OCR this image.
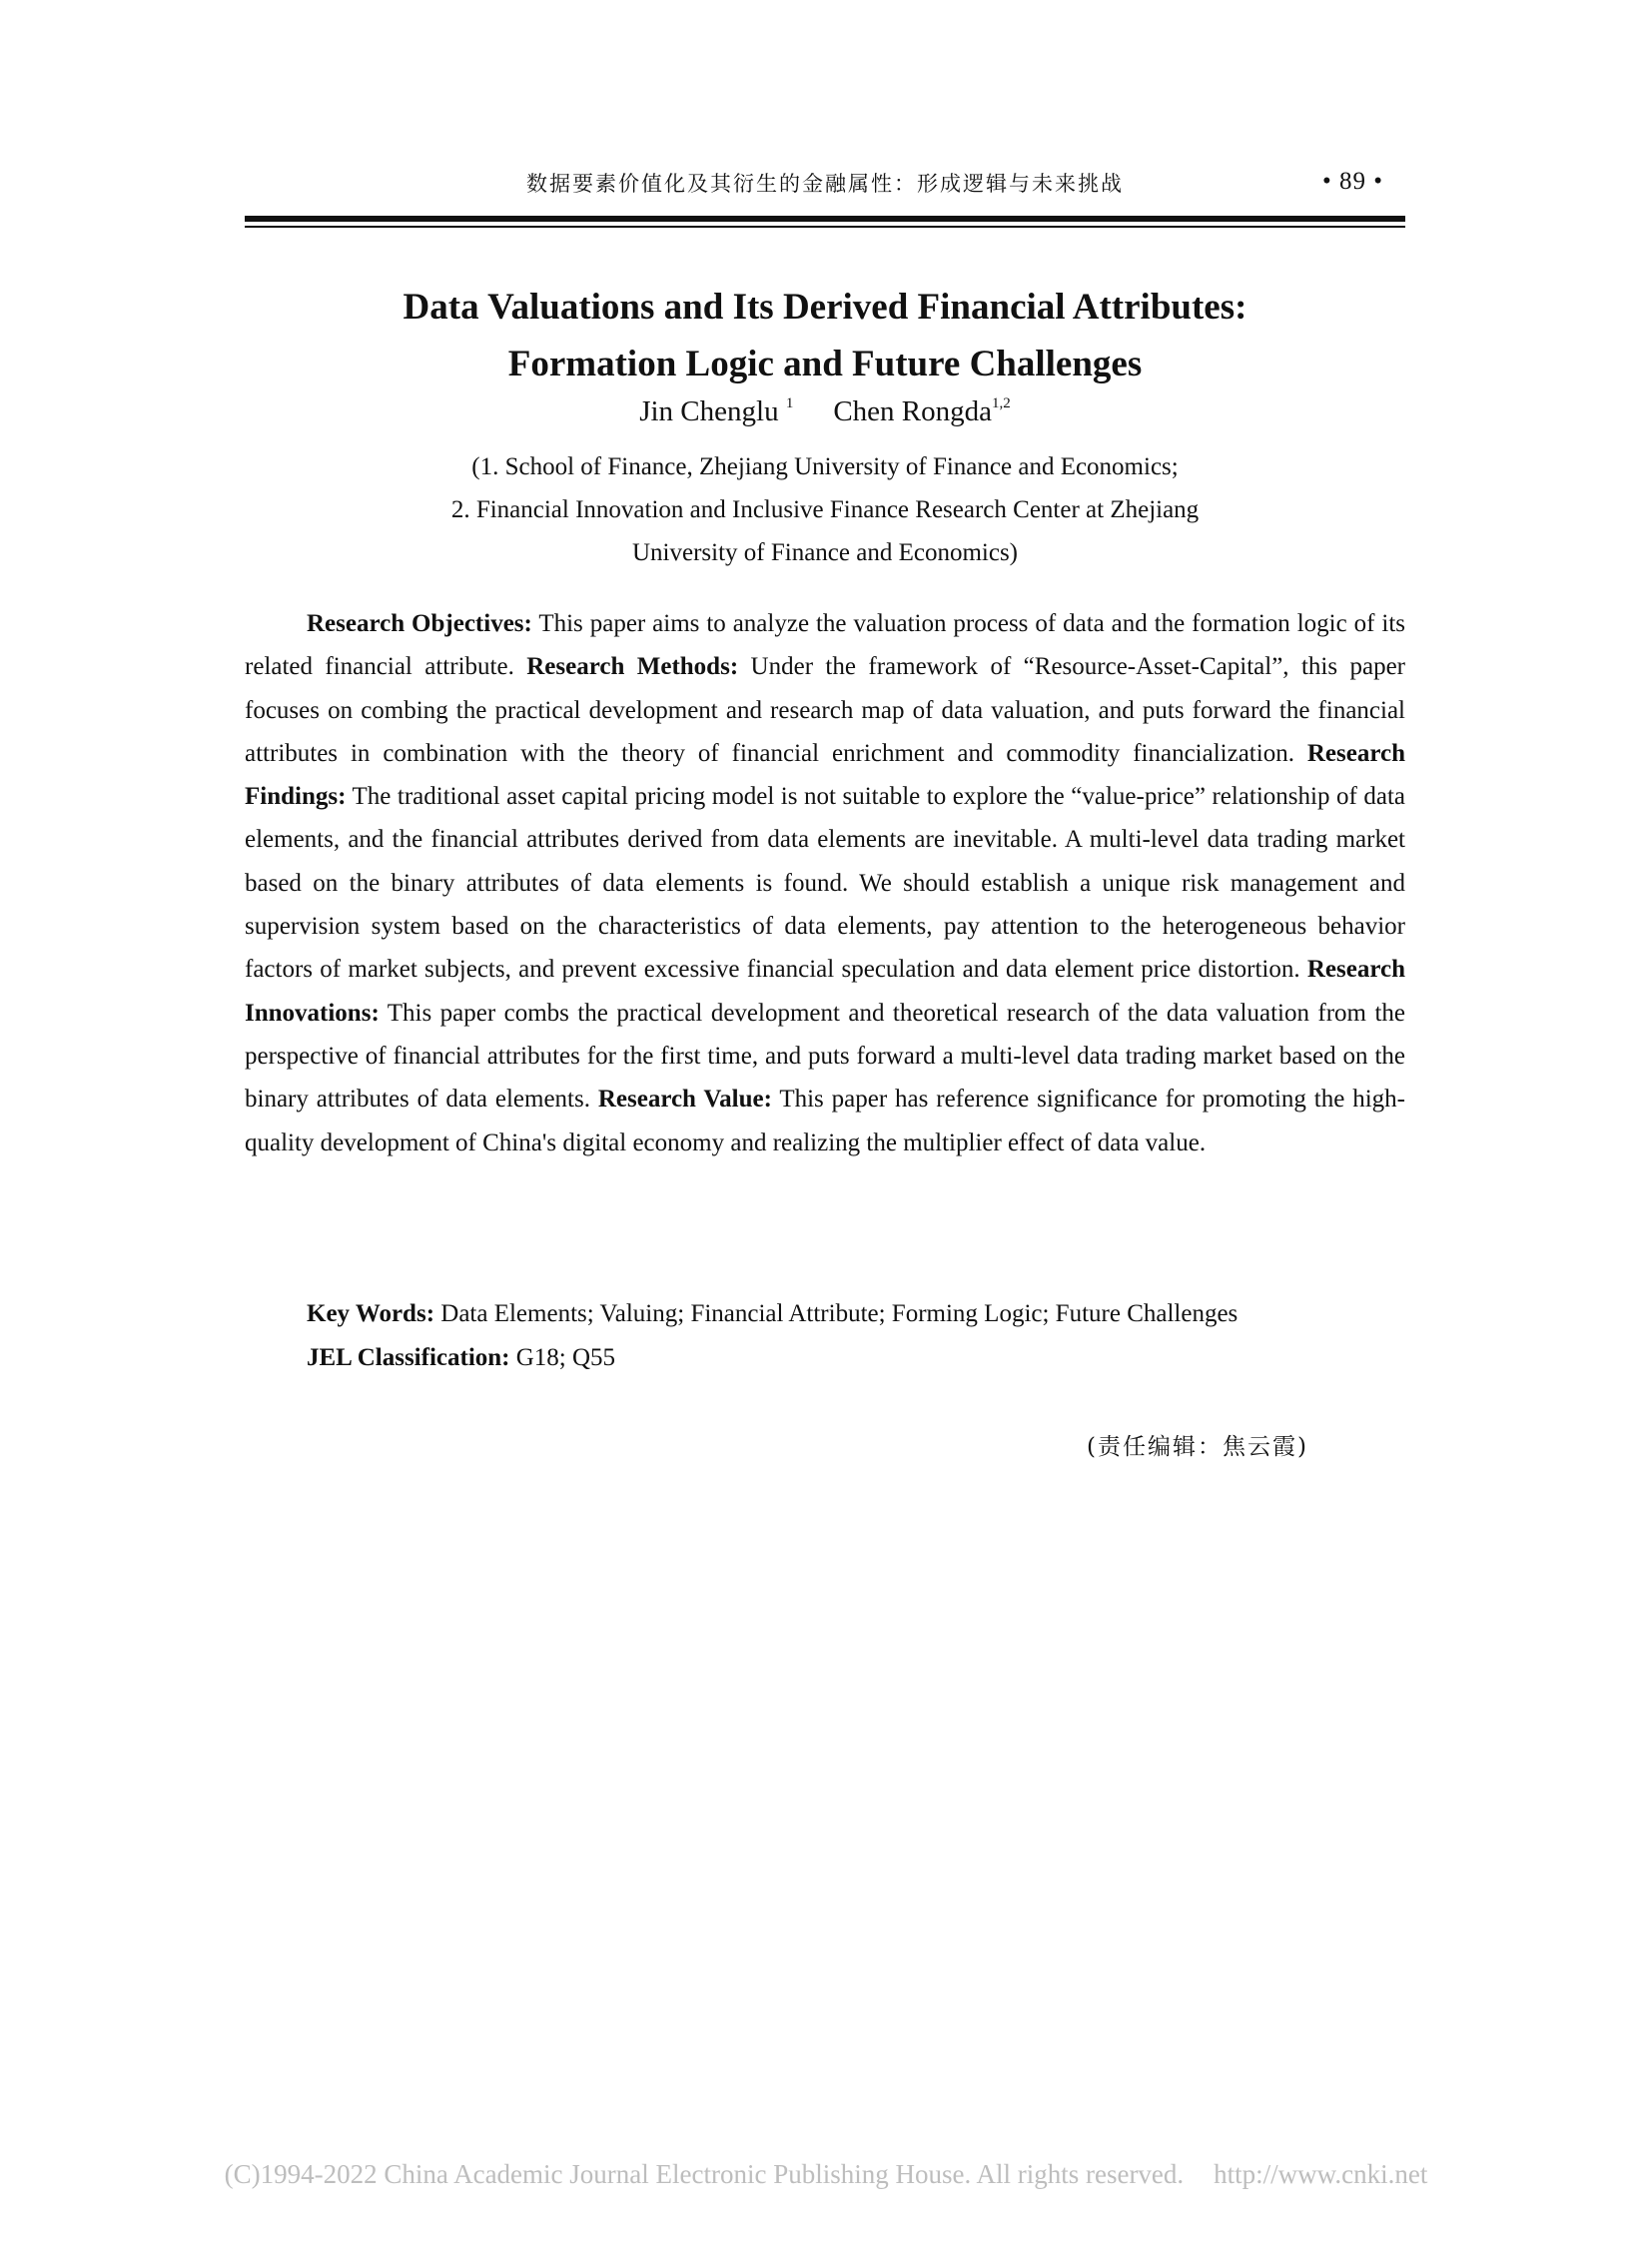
数据要素价值化及其衍生的金融属性：形成逻辑与未来挑战	• 89 •
Data Valuations and Its Derived Financial Attributes:
Formation Logic and Future Challenges
Jin Chenglu $^1$ Chen Rongda$^{1,2}$
(1. School of Finance, Zhejiang University of Finance and Economics;
2. Financial Innovation and Inclusive Finance Research Center at Zhejiang
University of Finance and Economics)
Research Objectives: This paper aims to analyze the valuation process of data and the formation logic of its related financial attribute. Research Methods: Under the framework of “Resource-Asset-Capital”, this paper focuses on combing the practical development and research map of data valuation, and puts forward the financial attributes in combination with the theory of financial enrichment and commodity financialization. Research Findings: The traditional asset capital pricing model is not suitable to explore the “value-price” relationship of data elements, and the financial attributes derived from data elements are inevitable. A multi-level data trading market based on the binary attributes of data elements is found. We should establish a unique risk management and supervision system based on the characteristics of data elements, pay attention to the heterogeneous behavior factors of market subjects, and prevent excessive financial speculation and data element price distortion. Research Innovations: This paper combs the practical development and theoretical research of the data valuation from the perspective of financial attributes for the first time, and puts forward a multi-level data trading market based on the binary attributes of data elements. Research Value: This paper has reference significance for promoting the high-quality development of China's digital economy and realizing the multiplier effect of data value.
Key Words: Data Elements; Valuing; Financial Attribute; Forming Logic; Future Challenges
JEL Classification: G18; Q55
(责任编辑：焦云霞)
(C)1994-2022 China Academic Journal Electronic Publishing House. All rights reserved. http://www.cnki.net
